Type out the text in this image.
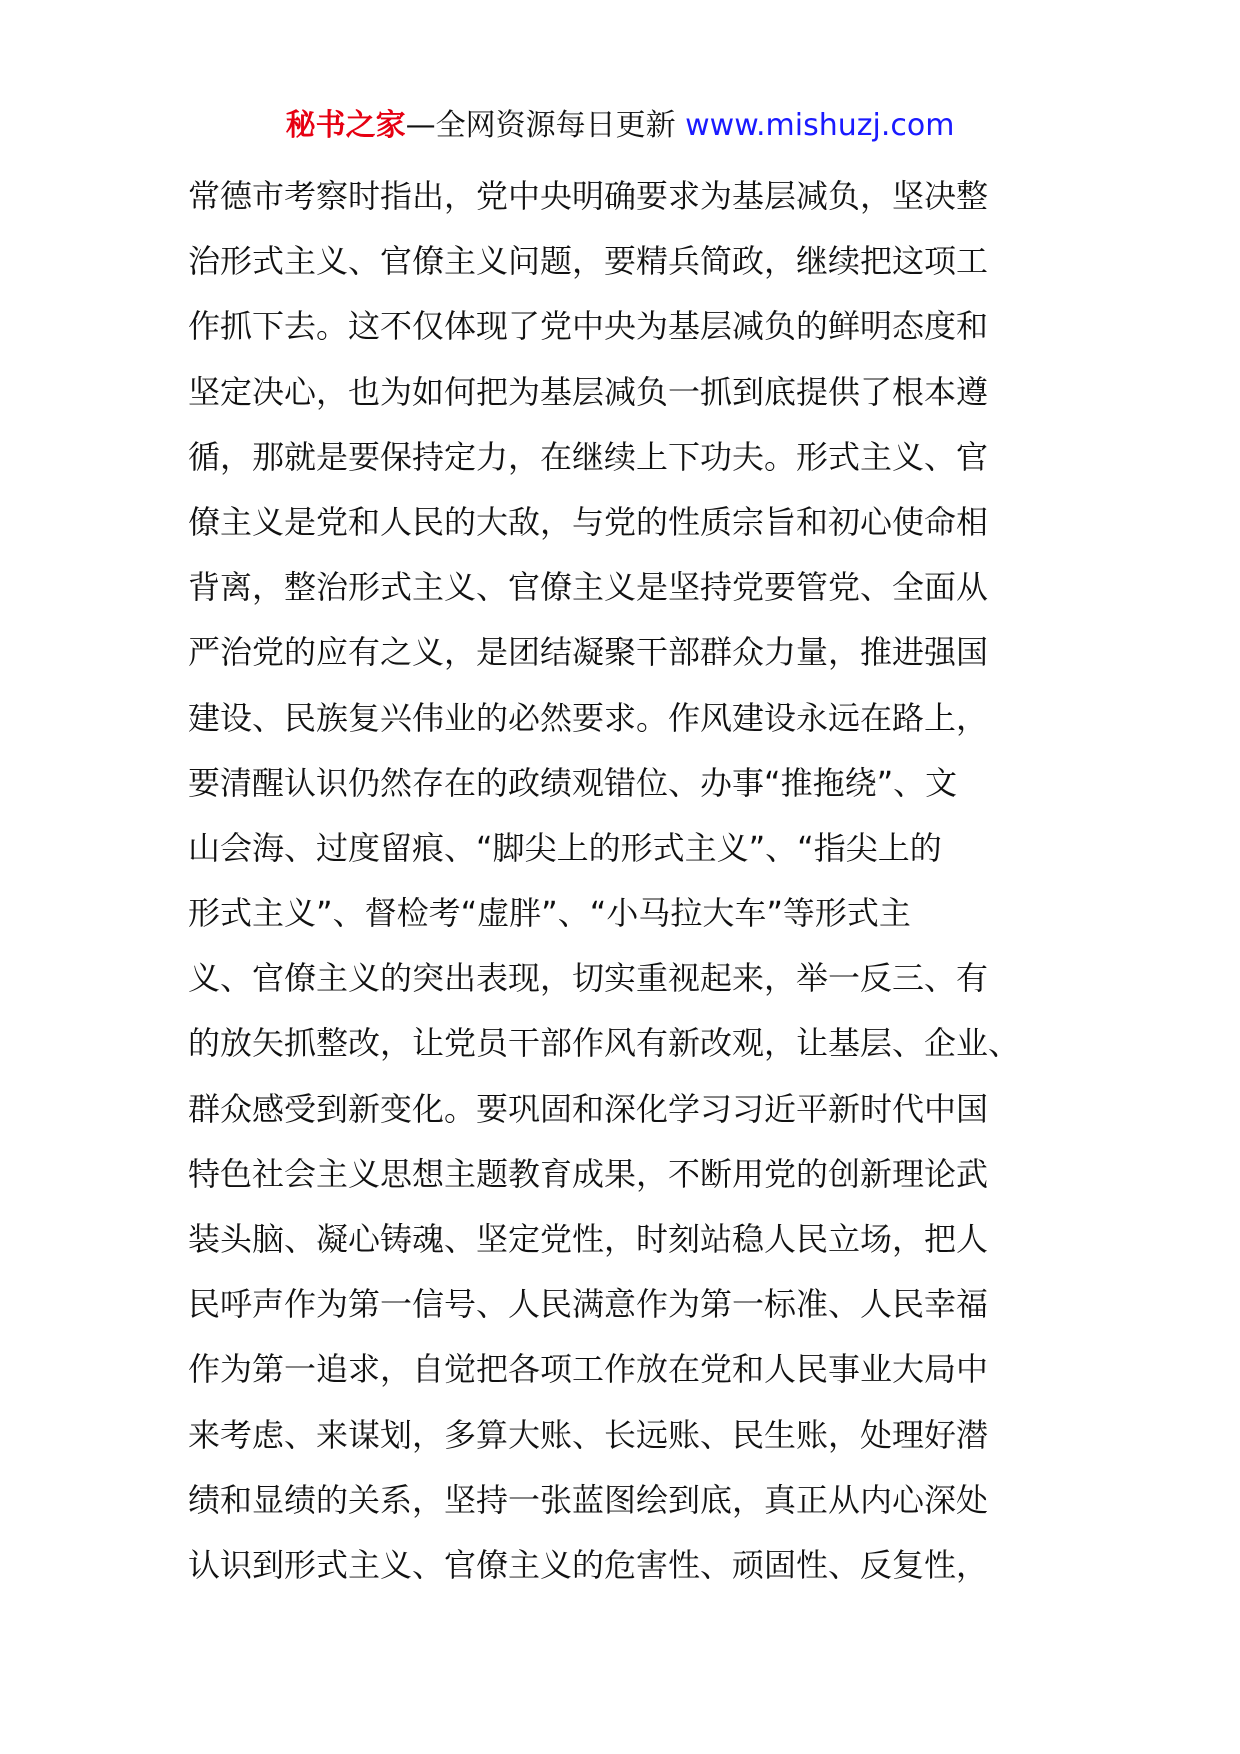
秘书之家—全网资源每日更新 www.mishuzj.com
常德市考察时指出，党中央明确要求为基层减负，坚决整
治形式主义、官僚主义问题，要精兵简政，继续把这项工
作抓下去。这不仅体现了党中央为基层减负的鲜明态度和
坚定决心，也为如何把为基层减负一抓到底提供了根本遵
循，那就是要保持定力，在继续上下功夫。形式主义、官
僚主义是党和人民的大敌，与党的性质宗旨和初心使命相
背离，整治形式主义、官僚主义是坚持党要管党、全面从
严治党的应有之义，是团结凝聚干部群众力量，推进强国
建设、民族复兴伟业的必然要求。作风建设永远在路上，
要清醒认识仍然存在的政绩观错位、办事“推拖绕”、文
山会海、过度留痕、“脚尖上的形式主义”、“指尖上的
形式主义”、督检考“虚胖”、“小马拉大车”等形式主
义、官僚主义的突出表现，切实重视起来，举一反三、有
的放矢抓整改，让党员干部作风有新改观，让基层、企业、
群众感受到新变化。要巩固和深化学习习近平新时代中国
特色社会主义思想主题教育成果，不断用党的创新理论武
装头脑、凝心铸魂、坚定党性，时刻站稳人民立场，把人
民呼声作为第一信号、人民满意作为第一标准、人民幸福
作为第一追求，自觉把各项工作放在党和人民事业大局中
来考虑、来谋划，多算大账、长远账、民生账，处理好潜
绩和显绩的关系，坚持一张蓝图绘到底，真正从内心深处
认识到形式主义、官僚主义的危害性、顽固性、反复性，
